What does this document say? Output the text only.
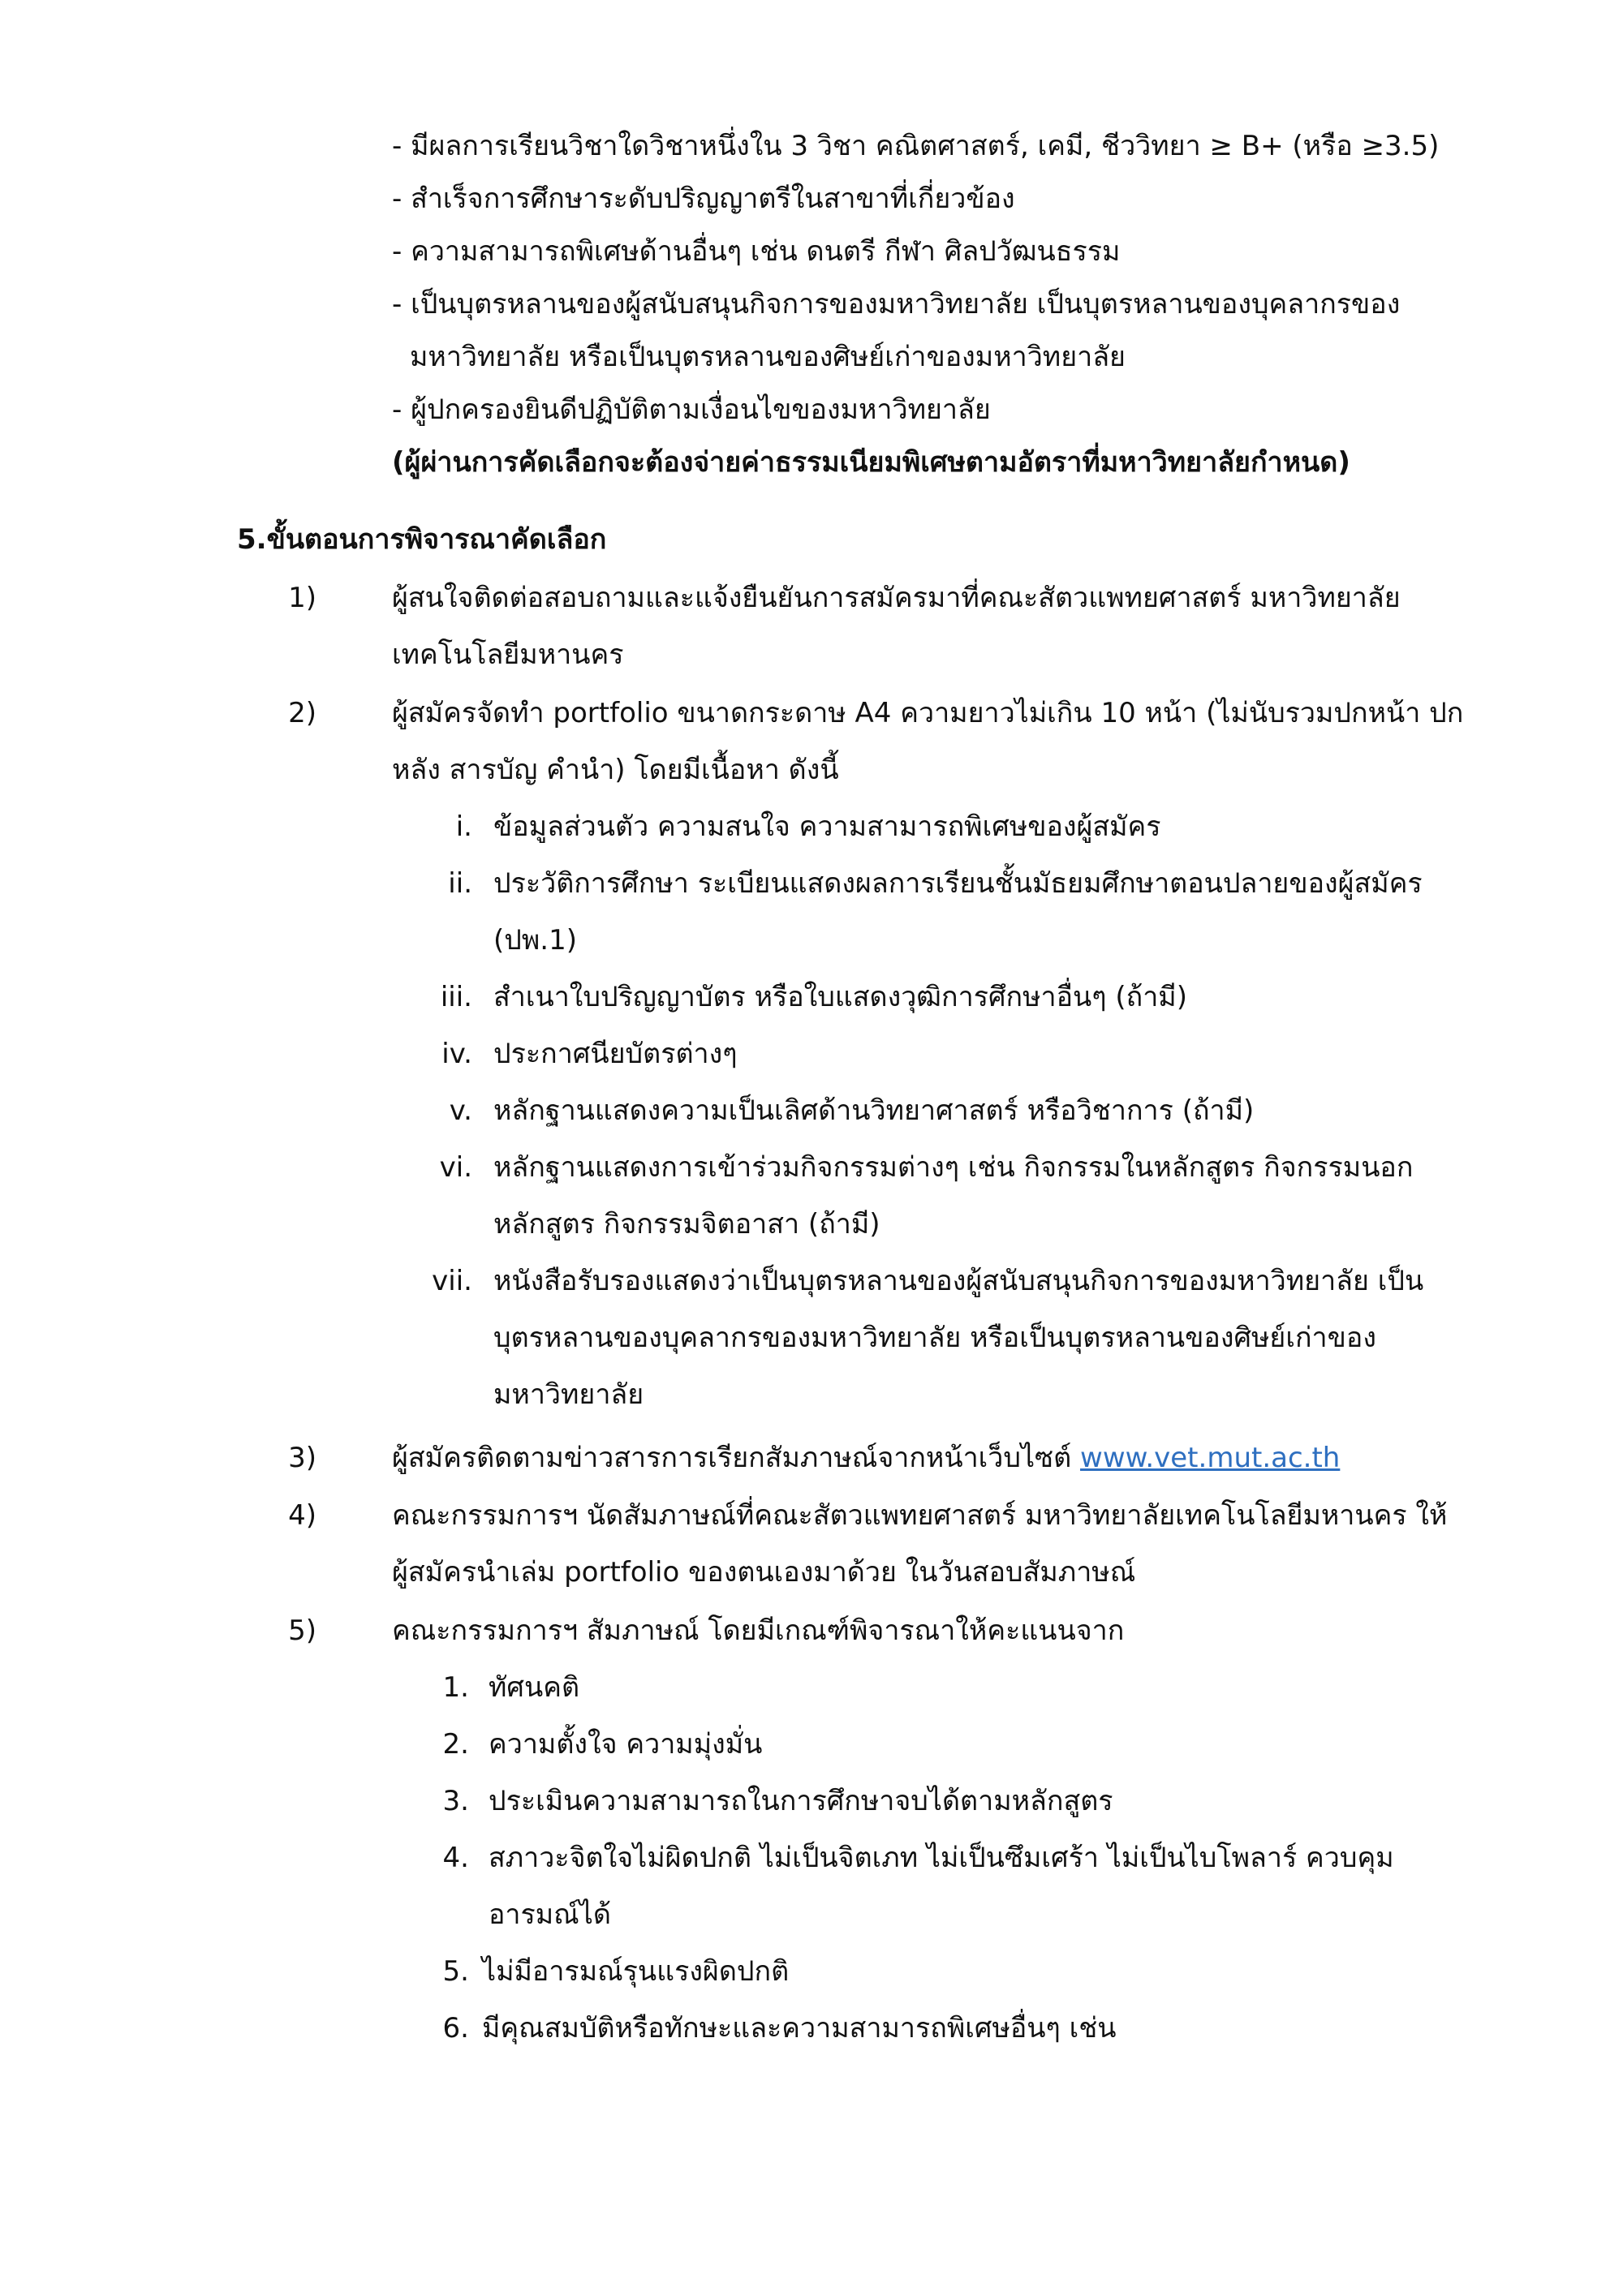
- มีผลการเรียนวิชาใดวิชาหนึ่งใน 3 วิชา คณิตศาสตร์, เคมี, ชีววิทยา ≥ B+ (หรือ ≥3.5)
- สำเร็จการศึกษาระดับปริญญาตรีในสาขาที่เกี่ยวข้อง
- ความสามารถพิเศษด้านอื่นๆ เช่น ดนตรี กีฬา ศิลปวัฒนธรรม
- เป็นบุตรหลานของผู้สนับสนุนกิจการของมหาวิทยาลัย เป็นบุตรหลานของบุคลากรของ
มหาวิทยาลัย หรือเป็นบุตรหลานของศิษย์เก่าของมหาวิทยาลัย
- ผู้ปกครองยินดีปฏิบัติตามเงื่อนไขของมหาวิทยาลัย
(ผู้ผ่านการคัดเลือกจะต้องจ่ายค่าธรรมเนียมพิเศษตามอัตราที่มหาวิทยาลัยกำหนด)
5.ขั้นตอนการพิจารณาคัดเลือก
1)	ผู้สนใจติดต่อสอบถามและแจ้งยืนยันการสมัครมาที่คณะสัตวแพทยศาสตร์ มหาวิทยาลัย
เทคโนโลยีมหานคร
2)	ผู้สมัครจัดทำ portfolio ขนาดกระดาษ A4 ความยาวไม่เกิน 10 หน้า (ไม่นับรวมปกหน้า ปก
หลัง สารบัญ คำนำ) โดยมีเนื้อหา ดังนี้
i. ข้อมูลส่วนตัว ความสนใจ ความสามารถพิเศษของผู้สมัคร
ii. ประวัติการศึกษา ระเบียนแสดงผลการเรียนชั้นมัธยมศึกษาตอนปลายของผู้สมัคร
(ปพ.1)
iii. สำเนาใบปริญญาบัตร หรือใบแสดงวุฒิการศึกษาอื่นๆ (ถ้ามี)
iv. ประกาศนียบัตรต่างๆ
v. หลักฐานแสดงความเป็นเลิศด้านวิทยาศาสตร์ หรือวิชาการ (ถ้ามี)
vi. หลักฐานแสดงการเข้าร่วมกิจกรรมต่างๆ เช่น กิจกรรมในหลักสูตร กิจกรรมนอก
หลักสูตร กิจกรรมจิตอาสา (ถ้ามี)
vii. หนังสือรับรองแสดงว่าเป็นบุตรหลานของผู้สนับสนุนกิจการของมหาวิทยาลัย เป็น
บุตรหลานของบุคลากรของมหาวิทยาลัย หรือเป็นบุตรหลานของศิษย์เก่าของ
มหาวิทยาลัย
3)	ผู้สมัครติดตามข่าวสารการเรียกสัมภาษณ์จากหน้าเว็บไซต์ www.vet.mut.ac.th
4)	คณะกรรมการฯ นัดสัมภาษณ์ที่คณะสัตวแพทยศาสตร์ มหาวิทยาลัยเทคโนโลยีมหานคร ให้
ผู้สมัครนำเล่ม portfolio ของตนเองมาด้วย ในวันสอบสัมภาษณ์
5)	คณะกรรมการฯ สัมภาษณ์ โดยมีเกณฑ์พิจารณาให้คะแนนจาก
1. ทัศนคติ
2. ความตั้งใจ ความมุ่งมั่น
3. ประเมินความสามารถในการศึกษาจบได้ตามหลักสูตร
4. สภาวะจิตใจไม่ผิดปกติ ไม่เป็นจิตเภท ไม่เป็นซึมเศร้า ไม่เป็นไบโพลาร์ ควบคุม
อารมณ์ได้
5. ไม่มีอารมณ์รุนแรงผิดปกติ
6. มีคุณสมบัติหรือทักษะและความสามารถพิเศษอื่นๆ เช่น
